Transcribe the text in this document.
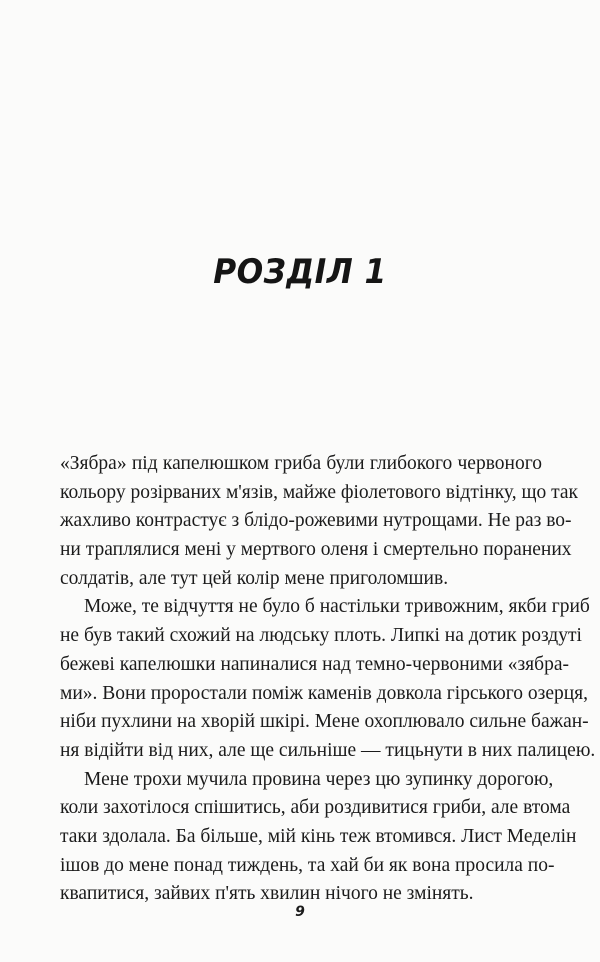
РОЗДІЛ 1
«Зябра» під капелюшком гриба були глибокого червоного
кольору розірваних м'язів, майже фіолетового відтінку, що так
жахливо контрастує з блідо-рожевими нутрощами. Не раз во-
ни траплялися мені у мертвого оленя і смертельно поранених
солдатів, але тут цей колір мене приголомшив.
Може, те відчуття не було б настільки тривожним, якби гриб
не був такий схожий на людську плоть. Липкі на дотик роздуті
бежеві капелюшки напиналися над темно-червоними «зябра-
ми». Вони проростали поміж каменів довкола гірського озерця,
ніби пухлини на хворій шкірі. Мене охоплювало сильне бажан-
ня відійти від них, але ще сильніше — тицьнути в них палицею.
Мене трохи мучила провина через цю зупинку дорогою,
коли захотілося спішитись, аби роздивитися гриби, але втома
таки здолала. Ба більше, мій кінь теж втомився. Лист Меделін
ішов до мене понад тиждень, та хай би як вона просила по-
квапитися, зайвих п'ять хвилин нічого не змінять.
9
